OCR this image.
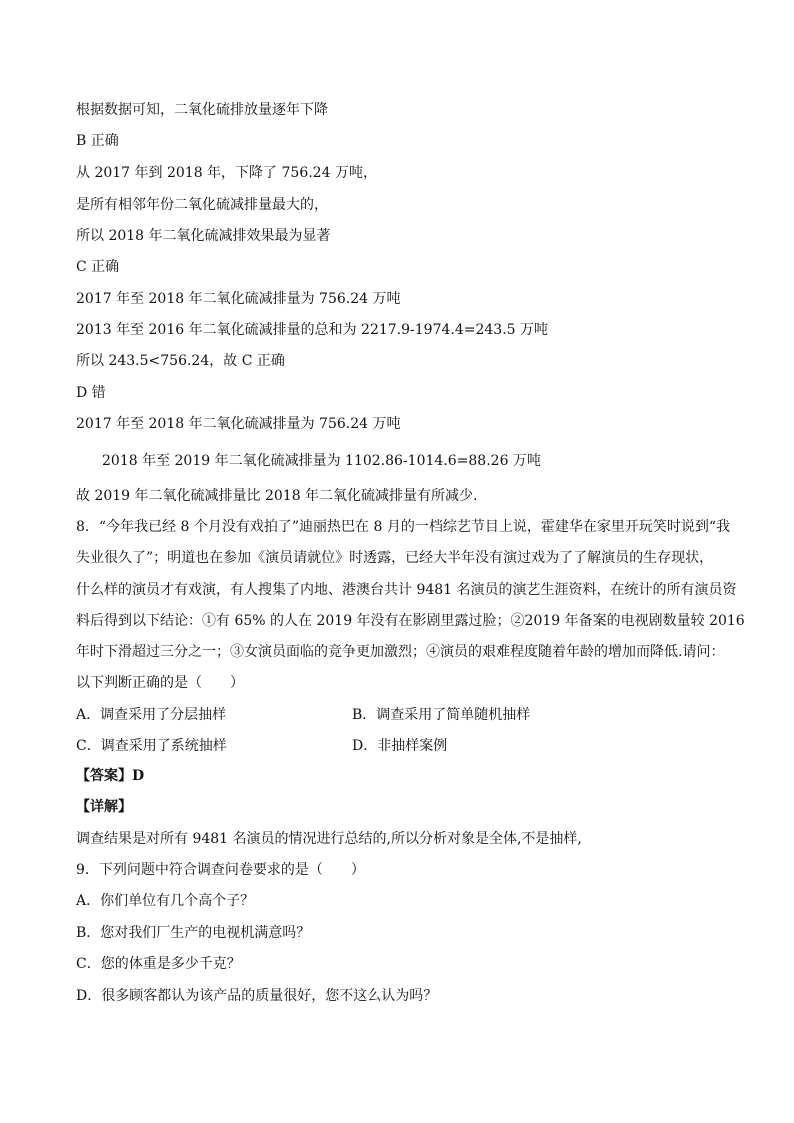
根据数据可知，二氧化硫排放量逐年下降
B 正确
从 2017 年到 2018 年，下降了 756.24 万吨，
是所有相邻年份二氧化硫减排量最大的，
所以 2018 年二氧化硫减排效果最为显著
C 正确
2017 年至 2018 年二氧化硫减排量为 756.24 万吨
2013 年至 2016 年二氧化硫减排量的总和为 2217.9-1974.4=243.5 万吨
所以 243.5<756.24，故 C 正确
D 错
2017 年至 2018 年二氧化硫减排量为 756.24 万吨
2018 年至 2019 年二氧化硫减排量为 1102.86-1014.6=88.26 万吨
故 2019 年二氧化硫减排量比 2018 年二氧化硫减排量有所减少.
8．“今年我已经 8 个月没有戏拍了”迪丽热巴在 8 月的一档综艺节目上说，霍建华在家里开玩笑时说到“我
失业很久了”；明道也在参加《演员请就位》时透露，已经大半年没有演过戏为了了解演员的生存现状，
什么样的演员才有戏演，有人搜集了内地、港澳台共计 9481 名演员的演艺生涯资料，在统计的所有演员资
料后得到以下结论：①有 65% 的人在 2019 年没有在影剧里露过脸；②2019 年备案的电视剧数量较 2016
年时下滑超过三分之一；③女演员面临的竞争更加激烈；④演员的艰难程度随着年龄的增加而降低.请问：
以下判断正确的是（　　）
A．调查采用了分层抽样	B．调查采用了简单随机抽样
C．调查采用了系统抽样	D．非抽样案例
【答案】D
【详解】
调查结果是对所有 9481 名演员的情况进行总结的,所以分析对象是全体,不是抽样,
9．下列问题中符合调查问卷要求的是（　　）
A．你们单位有几个高个子？
B．您对我们厂生产的电视机满意吗？
C．您的体重是多少千克？
D．很多顾客都认为该产品的质量很好，您不这么认为吗？
